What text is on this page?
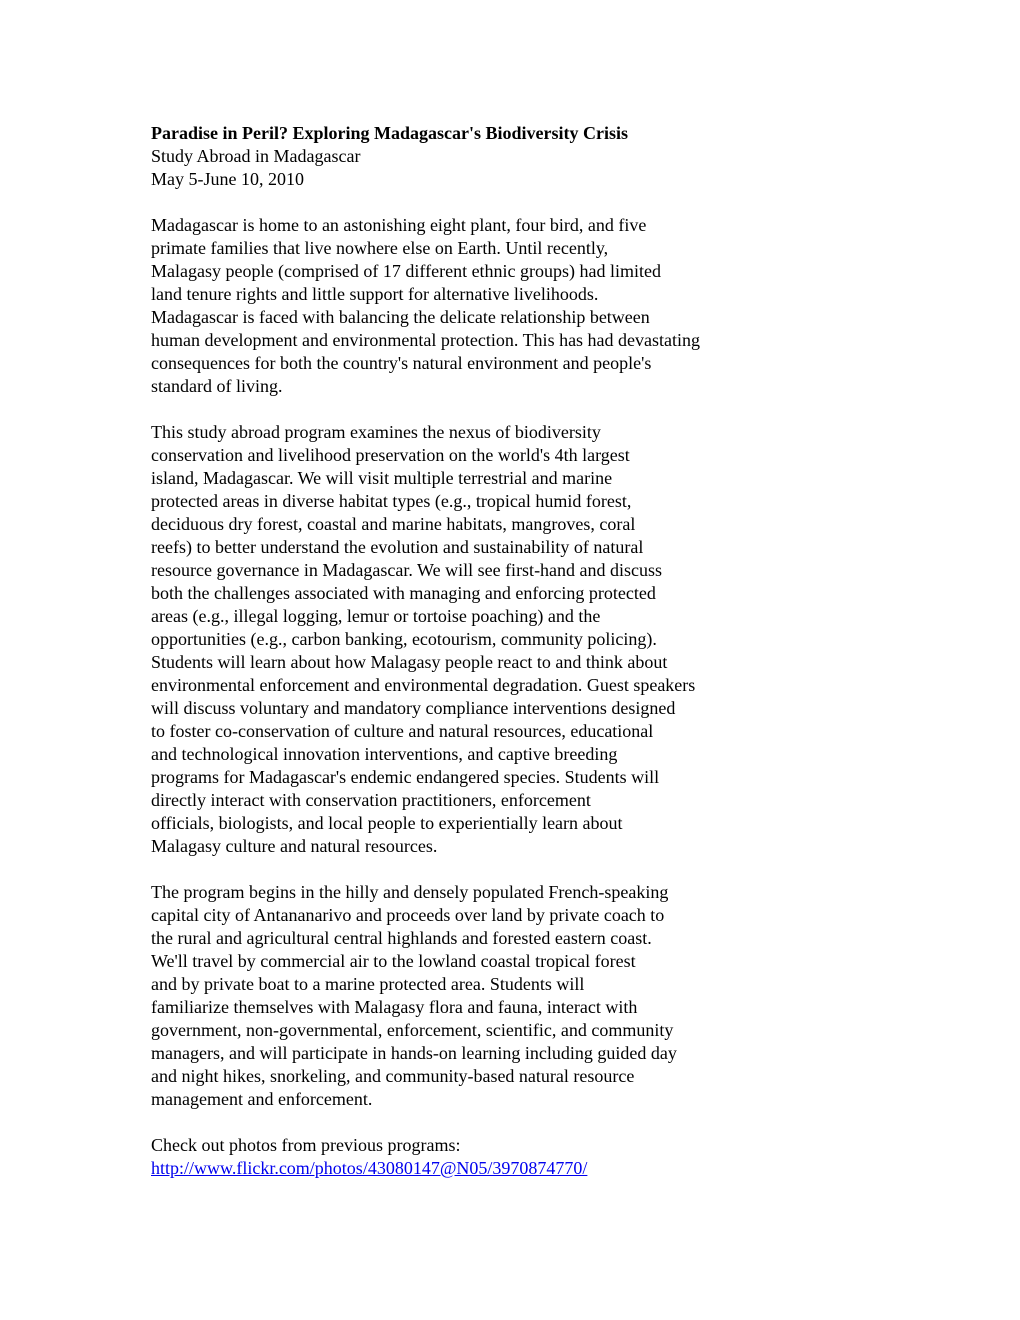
Paradise in Peril? Exploring Madagascar's Biodiversity Crisis
Study Abroad in Madagascar
May 5-June 10, 2010
Madagascar is home to an astonishing eight plant, four bird, and five
primate families that live nowhere else on Earth. Until recently,
Malagasy people (comprised of 17 different ethnic groups) had limited
land tenure rights and little support for alternative livelihoods.
Madagascar is faced with balancing the delicate relationship between
human development and environmental protection. This has had devastating
consequences for both the country's natural environment and people's
standard of living.
This study abroad program examines the nexus of biodiversity
conservation and livelihood preservation on the world's 4th largest
island, Madagascar. We will visit multiple terrestrial and marine
protected areas in diverse habitat types (e.g., tropical humid forest,
deciduous dry forest, coastal and marine habitats, mangroves, coral
reefs) to better understand the evolution and sustainability of natural
resource governance in Madagascar. We will see first-hand and discuss
both the challenges associated with managing and enforcing protected
areas (e.g., illegal logging, lemur or tortoise poaching) and the
opportunities (e.g., carbon banking, ecotourism, community policing).
Students will learn about how Malagasy people react to and think about
environmental enforcement and environmental degradation. Guest speakers
will discuss voluntary and mandatory compliance interventions designed
to foster co-conservation of culture and natural resources, educational
and technological innovation interventions, and captive breeding
programs for Madagascar's endemic endangered species. Students will
directly interact with conservation practitioners, enforcement
officials, biologists, and local people to experientially learn about
Malagasy culture and natural resources.
The program begins in the hilly and densely populated French-speaking
capital city of Antananarivo and proceeds over land by private coach to
the rural and agricultural central highlands and forested eastern coast.
We'll travel by commercial air to the lowland coastal tropical forest
and by private boat to a marine protected area. Students will
familiarize themselves with Malagasy flora and fauna, interact with
government, non-governmental, enforcement, scientific, and community
managers, and will participate in hands-on learning including guided day
and night hikes, snorkeling, and community-based natural resource
management and enforcement.
Check out photos from previous programs:
http://www.flickr.com/photos/43080147@N05/3970874770/
